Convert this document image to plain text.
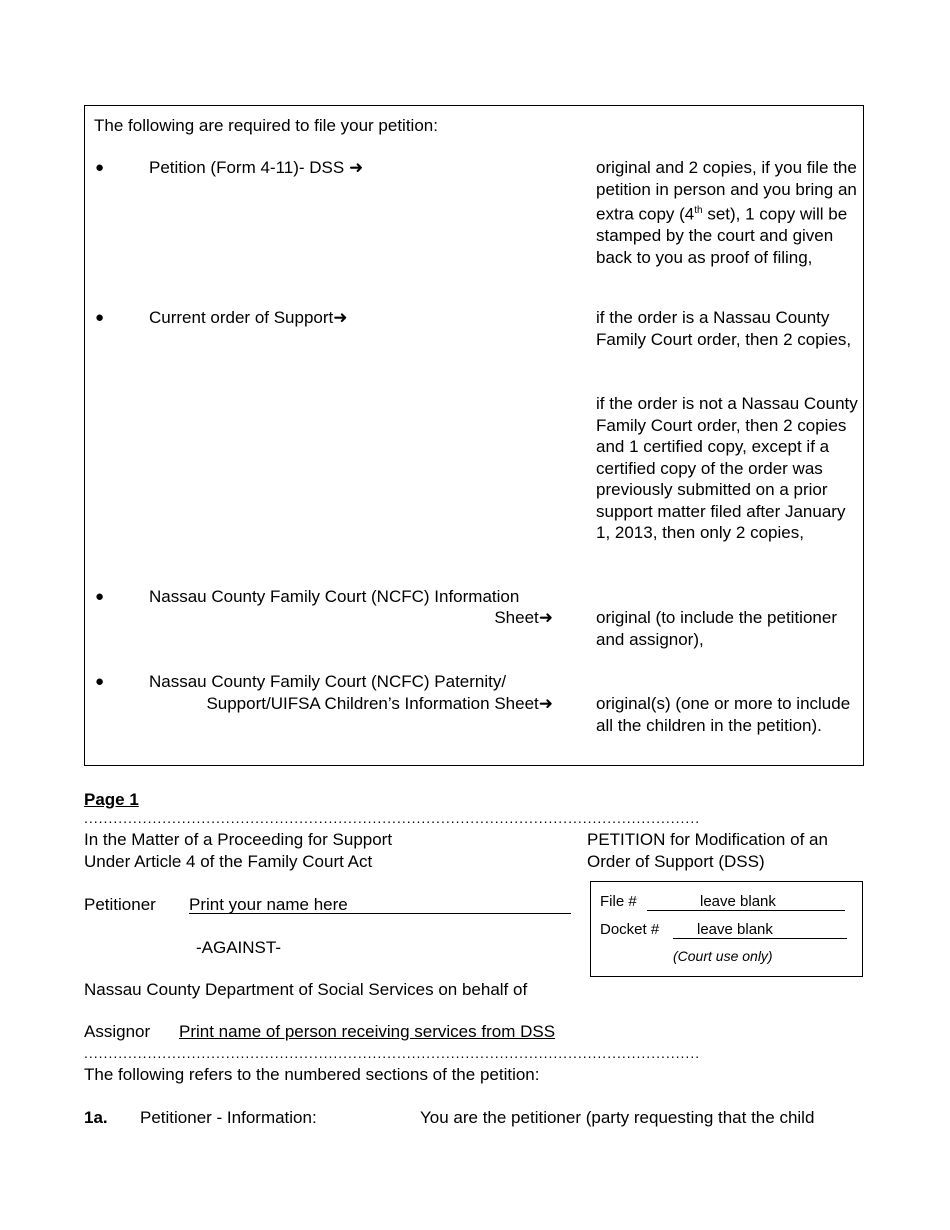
The following are required to file your petition:
●	Petition (Form 4-11)- DSS ➜	original and 2 copies, if you file the petition in person and you bring an extra copy (4th set), 1 copy will be stamped by the court and given back to you as proof of filing,
●	Current order of Support➜	if the order is a Nassau County Family Court order, then 2 copies,
if the order is not a Nassau County Family Court order, then 2 copies and 1 certified copy, except if a certified copy of the order was previously submitted on a prior support matter filed after January 1, 2013, then only 2 copies,
●	Nassau County Family Court (NCFC) Information
Sheet➜	original (to include the petitioner and assignor),
●	Nassau County Family Court (NCFC) Paternity/
Support/UIFSA Children’s Information Sheet➜	original(s) (one or more to include all the children in the petition).
Page 1
..............................................................................................................................
In the Matter of a Proceeding for Support
Under Article 4 of the Family Court Act
PETITION for Modification of an
Order of Support (DSS)
Petitioner Print your name here
-AGAINST-
Nassau County Department of Social Services on behalf of
Assignor Print name of person receiving services from DSS
..............................................................................................................................
File #	leave blank
Docket #	leave blank
(Court use only)
The following refers to the numbered sections of the petition:
1a. Petitioner - Information:	You are the petitioner (party requesting that the child
